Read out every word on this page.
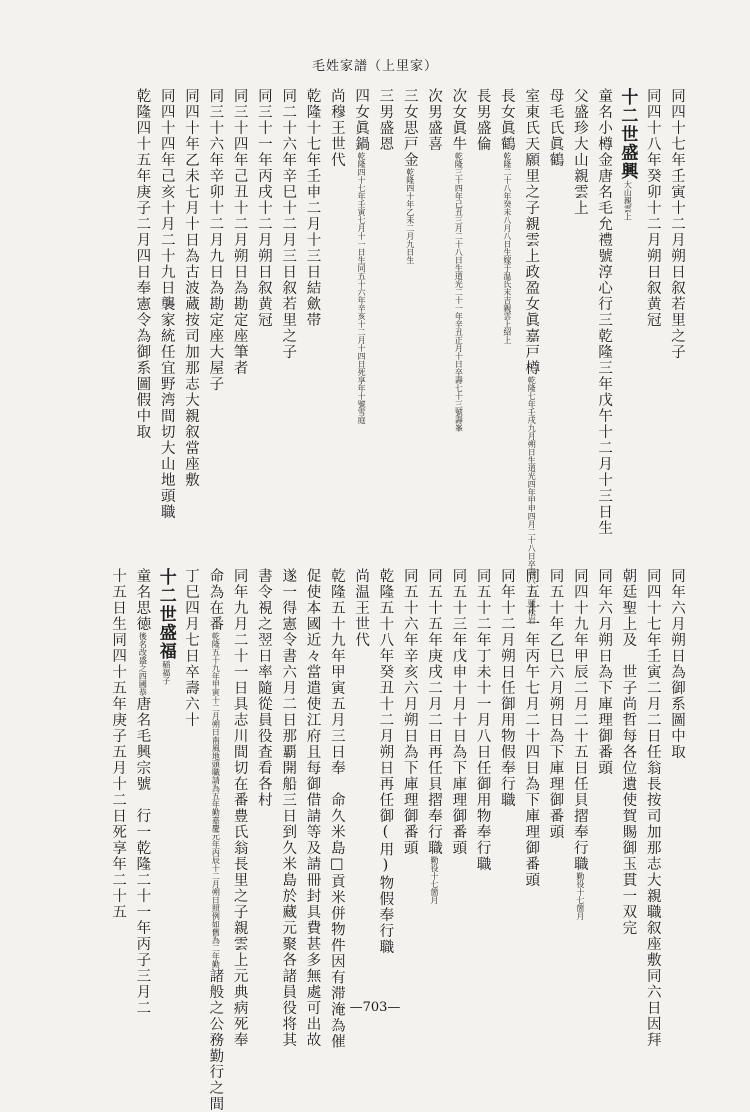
毛姓家譜（上里家）
同四十七年壬寅十二月朔日叙若里之子
同四十八年癸卯十二月朔日叙黄冠
十二世盛興大山親雲上
童名小樽金唐名毛允禮號淳心行三乾隆三年戊午十二月十三日生
父盛珍大山親雲上
母毛氏眞鶴
室東氏天願里之子親雲上政盈女眞嘉戸樽乾隆七年壬戌九月朔日生道光四年甲申四月二十八日卒壽八十三號松岩
長女眞鶴乾隆二十八年癸未八月八日生嫁于温氏末吉親雲上紹上
長男盛倫
次女眞牛乾隆三十四年己丑三月二十八日生道光二十一年辛丑正月十日卒壽七十三號壽峯
次男盛喜
三女思戸金乾隆四十年乙未二月九日生
三男盛恩
四女眞鍋乾隆四十七年壬寅七月十一日生同五十六年辛亥十二月十四日死享年十號雪庭
尚穆王世代
乾隆十七年壬申二月十三日結歛帯
同二十六年辛巳十二月三日叙若里之子
同三十一年丙戌十二月朔日叙黄冠
同三十四年己丑十二月朔日為勘定座筆者
同三十六年辛卯十二月九日為勘定座大屋子
同四十年乙未七月十日為古波蔵按司加那志大親叙當座敷
同四十四年己亥十月二十九日襲家統任宜野湾間切大山地頭職
乾隆四十五年庚子二月四日奉憲令為御系圖假中取
同年六月朔日為御系圖中取
同四十七年壬寅二月二日任翁長按司加那志大親職叙座敷同六日因拜
朝廷聖上及　世子尚哲每各位遺使賀賜御玉貫一双完
同年六月朔日為下庫理御番頭
同四十九年甲辰二月二十五日任貝摺奉行職勤役十七箇月
同五十年乙巳六月朔日為下庫理御番頭
同五十一年丙午七月二十四日為下庫理御番頭
同年十二月朔日任御用物假奉行職
同五十二年丁未十一月八日任御用物奉行職
同五十三年戊申十月十日為下庫理御番頭
同五十五年庚戌二月二日再任貝摺奉行職勤役十七箇月
同五十六年辛亥六月朔日為下庫理御番頭
乾隆五十八年癸丑十二月朔日再任御(用)物假奉行職
尚温王世代
乾隆五十九年甲寅五月三日奉　命久米島□貢米併物件因有滞淹為催
促使本國近々當遣使江府且每御借請等及請冊封具費甚多無處可出故
遂一得憲令書六月二日那覇開船三日到久米島於藏元聚各諸員役将其
書令視之翌日率隨從員役査看各村
同年九月二十一日具志川間切在番豊氏翁長里之子親雲上元典病死奉
命為在番乾隆五十九年甲寅十二月朔日南風地頭職請為五年勤嘉慶元年丙辰十二月朔日照例如舊為二年勤諸般之公務勤行之間
丁巳四月七日卒壽六十
十二世盛福稲福子
童名思徳後名改盛之四國恭唐名毛興宗號　行一乾隆二十一年丙子三月二
十五日生同四十五年庚子五月十二日死享年二十五
—703—
